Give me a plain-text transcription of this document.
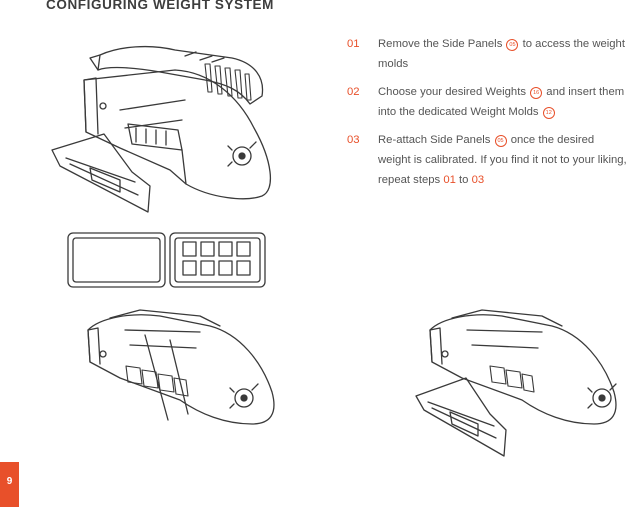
CONFIGURING WEIGHT SYSTEM
01 Remove the Side Panels 05 to access the weight molds
02 Choose your desired Weights 16 and insert them into the dedicated Weight Molds 12
03 Re-attach Side Panels 05 once the desired weight is calibrated. If you find it not to your liking, repeat steps 01 to 03
9
